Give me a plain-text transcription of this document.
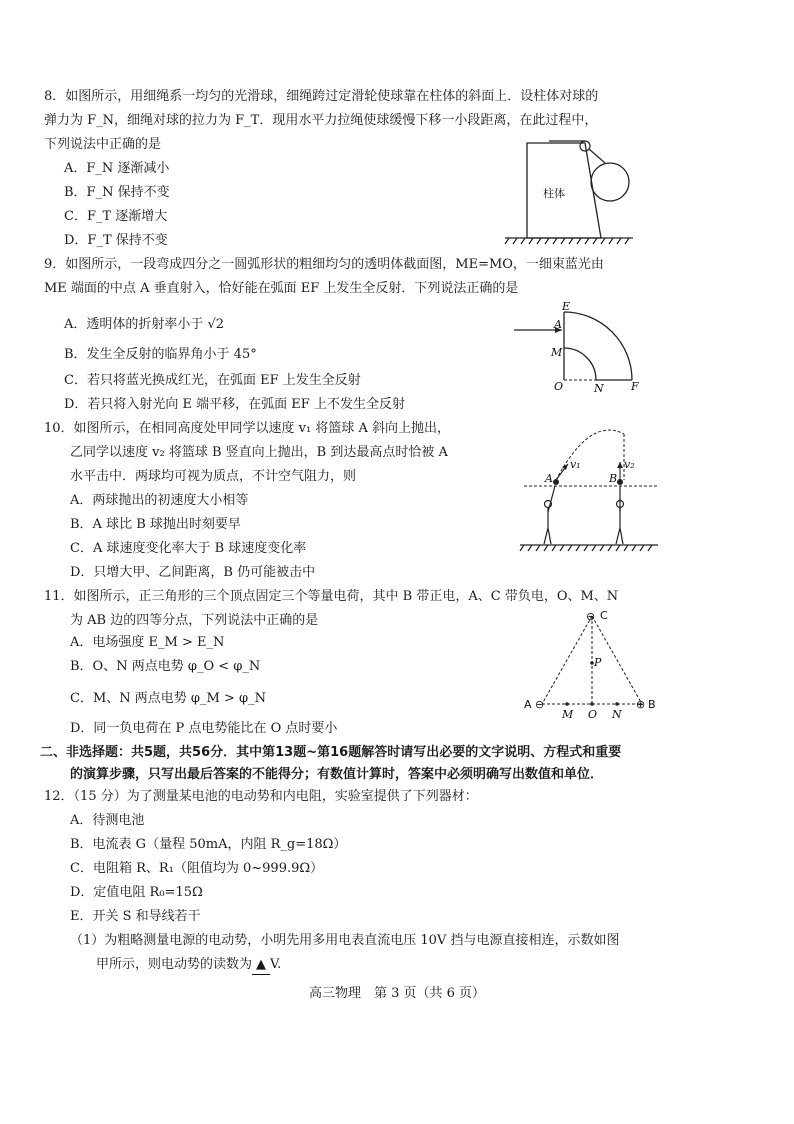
8．如图所示，用细绳系一均匀的光滑球，细绳跨过定滑轮使球靠在柱体的斜面上．设柱体对球的
弹力为 F_N，细绳对球的拉力为 F_T．现用水平力拉绳使球缓慢下移一小段距离，在此过程中，
下列说法中正确的是
A．F_N 逐渐减小
B．F_N 保持不变
C．F_T 逐渐增大
D．F_T 保持不变
柱体
9．如图所示，一段弯成四分之一圆弧形状的粗细均匀的透明体截面图，ME=MO，一细束蓝光由
ME 端面的中点 A 垂直射入，恰好能在弧面 EF 上发生全反射．下列说法正确的是
A．透明体的折射率小于 √2
B．发生全反射的临界角小于 45°
C．若只将蓝光换成红光，在弧面 EF 上发生全反射
D．若只将入射光向 E 端平移，在弧面 EF 上不发生全反射
E
A
M
O	N F
10．如图所示，在相同高度处甲同学以速度 v₁ 将篮球 A 斜向上抛出，
乙同学以速度 v₂ 将篮球 B 竖直向上抛出，B 到达最高点时恰被 A
水平击中．两球均可视为质点，不计空气阻力，则
A．两球抛出的初速度大小相等
B．A 球比 B 球抛出时刻要早
C．A 球速度变化率大于 B 球速度变化率
D．只增大甲、乙间距离，B 仍可能被击中
A	B
v₁	v₂
11．如图所示，正三角形的三个顶点固定三个等量电荷，其中 B 带正电，A、C 带负电，O、M、N
为 AB 边的四等分点，下列说法中正确的是
A．电场强度 E_M > E_N
B．O、N 两点电势 φ_O < φ_N
C．M、N 两点电势 φ_M > φ_N
D．同一负电荷在 P 点电势能比在 O 点时要小
⊖
⊖	⊕
C
A	B
P
M O N
二、非选择题：共5题，共56分．其中第13题~第16题解答时请写出必要的文字说明、方程式和重要
的演算步骤，只写出最后答案的不能得分；有数值计算时，答案中必须明确写出数值和单位．
12．（15 分）为了测量某电池的电动势和内电阻，实验室提供了下列器材：
A．待测电池
B．电流表 G（量程 50mA，内阻 R_g=18Ω）
C．电阻箱 R、R₁（阻值均为 0~999.9Ω）
D．定值电阻 R₀=15Ω
E．开关 S 和导线若干
（1）为粗略测量电源的电动势，小明先用多用电表直流电压 10V 挡与电源直接相连，示数如图
甲所示，则电动势的读数为 ▲ V.
高三物理　第 3 页（共 6 页）
